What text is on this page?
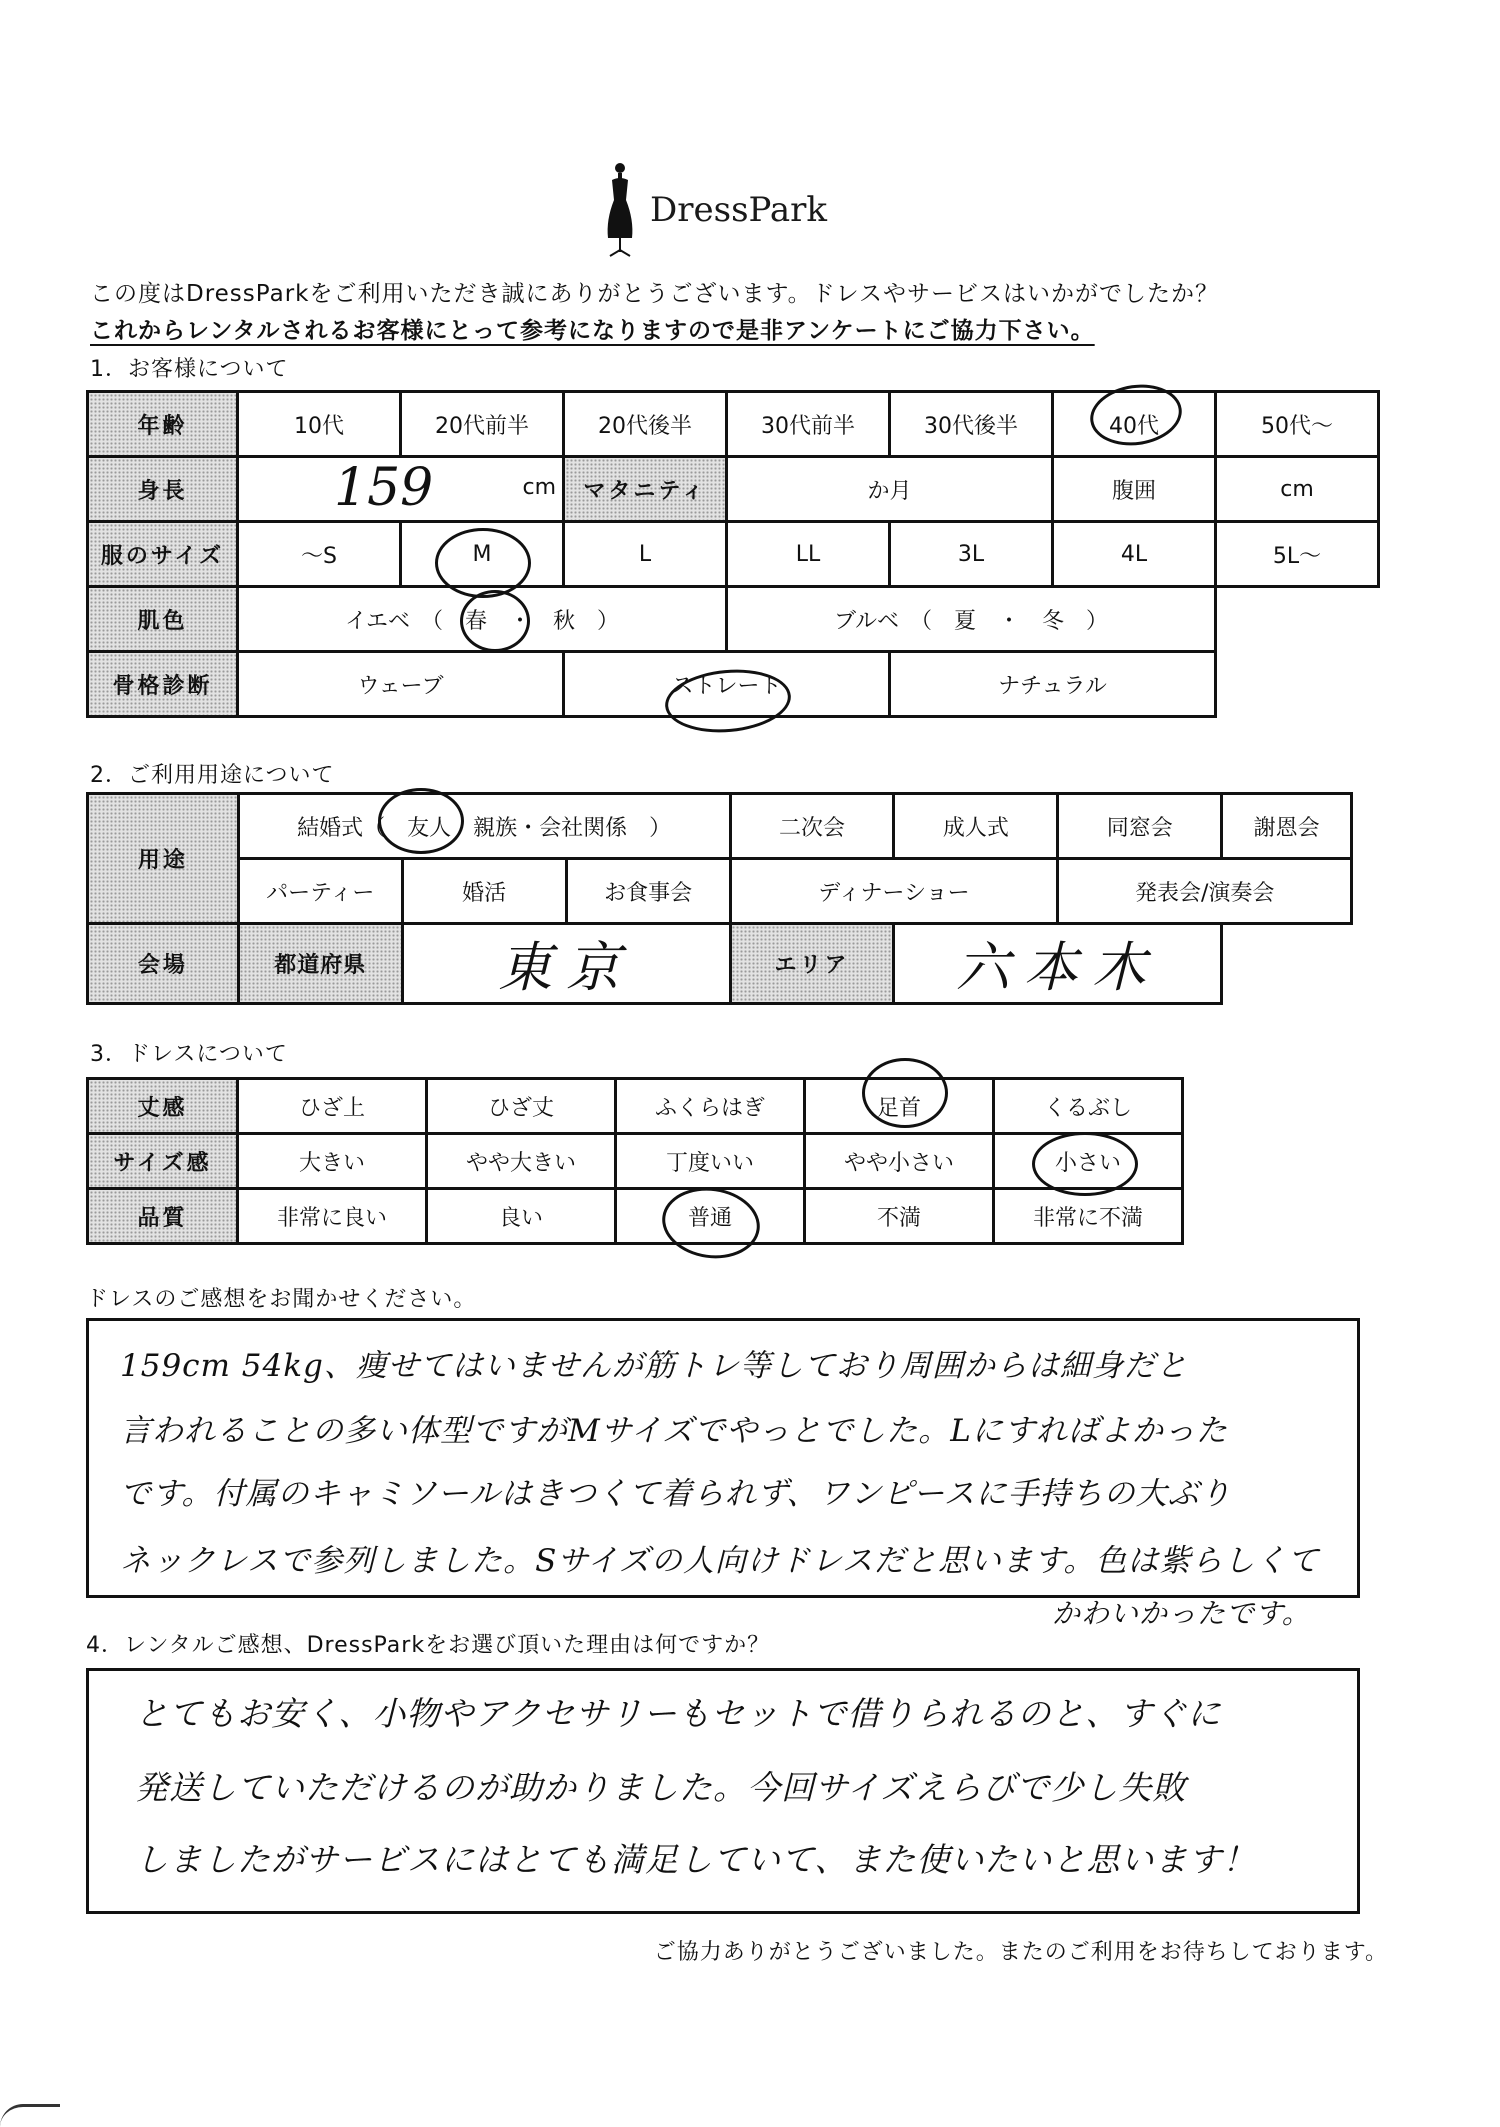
DressPark
この度はDressParkをご利用いただき誠にありがとうございます。ドレスやサービスはいかがでしたか？
これからレンタルされるお客様にとって参考になりますので是非アンケートにご協力下さい。
1．お客様について
年齢	10代	20代前半	20代後半	30代前半	30代後半	40代	50代～
身長	159 cm		マタニティ	か月		腹囲	cm
服のサイズ	～S	M	L	LL	3L	4L	5L～
肌色	イエベ　（　春　・　秋　）			ブルベ　（　夏　・　冬　）			
骨格診断	ウェーブ		ストレート		ナチュラル		
2．ご利用用途について
用途	結婚式（　友人　親族・会社関係　）			二次会	成人式	同窓会	謝恩会
	パーティー	婚活	お食事会	ディナーショー		発表会/演奏会	
会場	都道府県	東京		エリア	六本木		
3．ドレスについて
丈感	ひざ上	ひざ丈	ふくらはぎ	足首	くるぶし
サイズ感	大きい	やや大きい	丁度いい	やや小さい	小さい
品質	非常に良い	良い	普通	不満	非常に不満
ドレスのご感想をお聞かせください。
159cm 54kg、痩せてはいませんが筋トレ等しており周囲からは細身だと
言われることの多い体型ですがMサイズでやっとでした。Lにすればよかった
です。付属のキャミソールはきつくて着られず、ワンピースに手持ちの大ぶり
ネックレスで参列しました。Sサイズの人向けドレスだと思います。色は紫らしくて
かわいかったです。
4．レンタルご感想、DressParkをお選び頂いた理由は何ですか？
とてもお安く、小物やアクセサリーもセットで借りられるのと、すぐに
発送していただけるのが助かりました。今回サイズえらびで少し失敗
しましたがサービスにはとても満足していて、また使いたいと思います！
ご協力ありがとうございました。またのご利用をお待ちしております。
